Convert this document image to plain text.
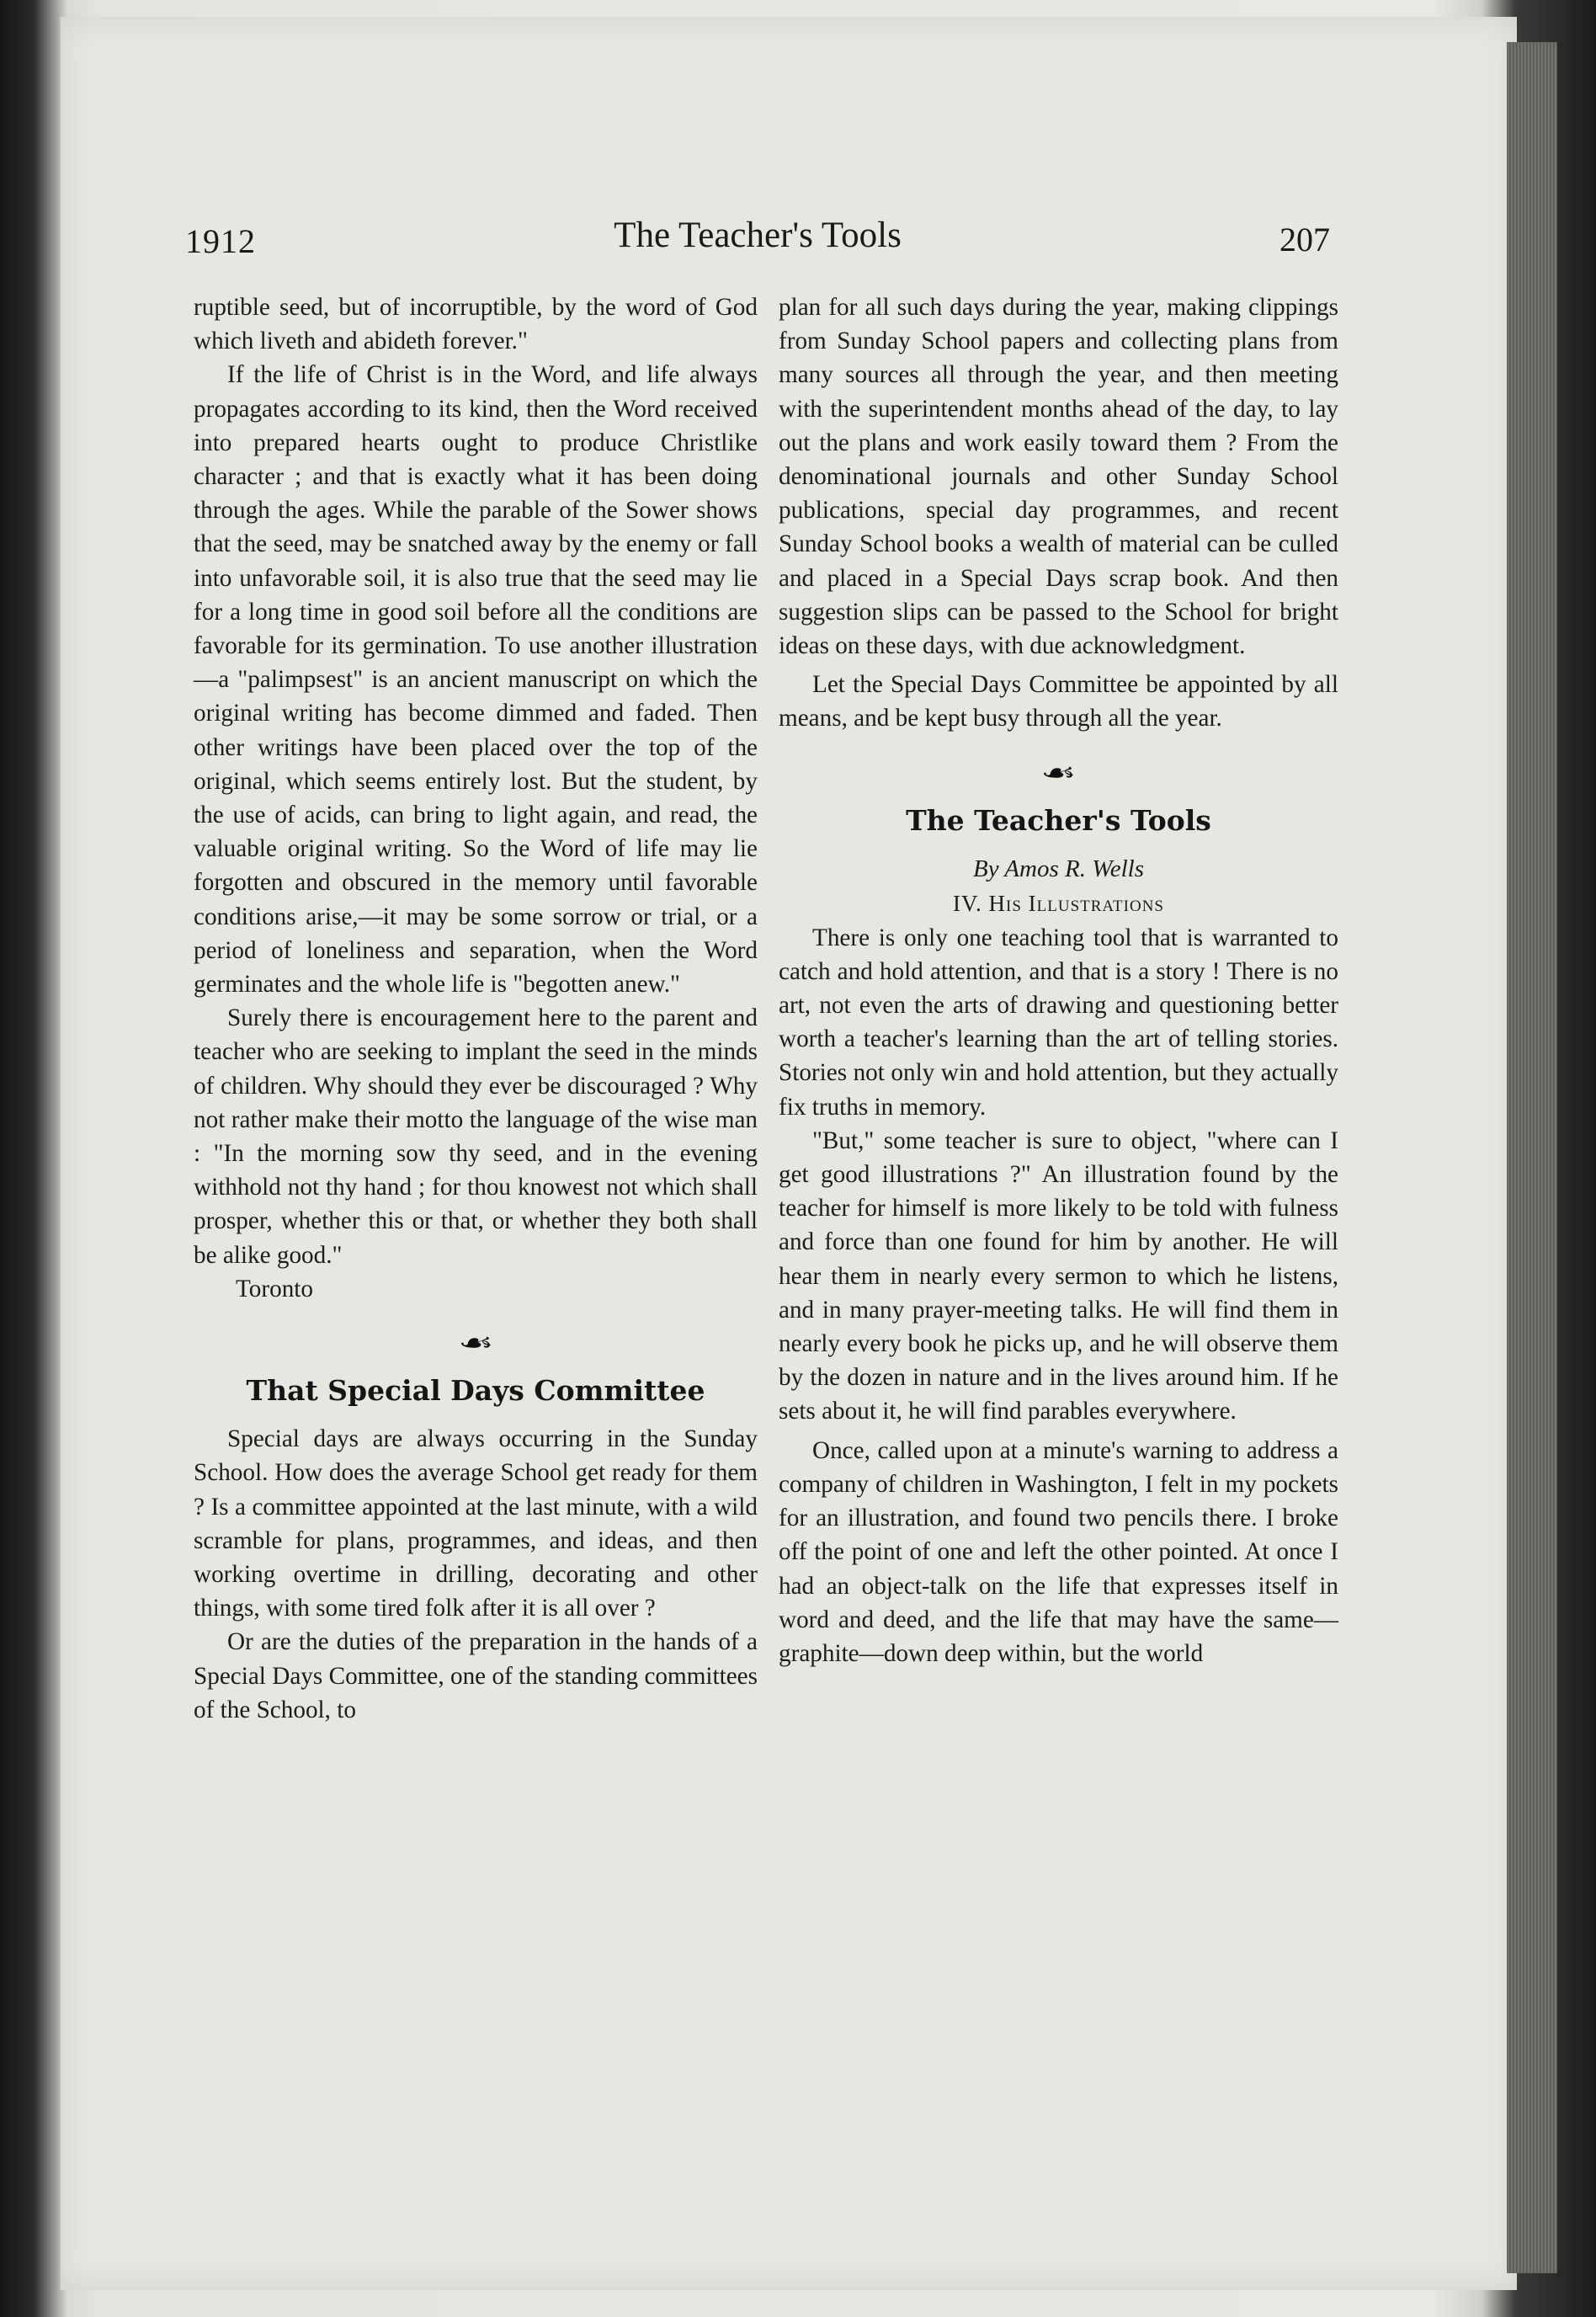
1912	The Teacher's Tools	207

ruptible seed, but of incorruptible, by the word of God which liveth and abideth forever."

If the life of Christ is in the Word, and life always propagates according to its kind, then the Word received into prepared hearts ought to produce Christlike character ; and that is exactly what it has been doing through the ages. While the parable of the Sower shows that the seed, may be snatched away by the enemy or fall into unfavorable soil, it is also true that the seed may lie for a long time in good soil before all the conditions are favorable for its germination. To use another illustration—a "palimpsest" is an ancient manuscript on which the original writing has become dimmed and faded. Then other writings have been placed over the top of the original, which seems entirely lost. But the student, by the use of acids, can bring to light again, and read, the valuable original writing. So the Word of life may lie forgotten and obscured in the memory until favorable conditions arise,—it may be some sorrow or trial, or a period of loneliness and separation, when the Word germinates and the whole life is "begotten anew."

Surely there is encouragement here to the parent and teacher who are seeking to implant the seed in the minds of children. Why should they ever be discouraged ? Why not rather make their motto the language of the wise man : "In the morning sow thy seed, and in the evening withhold not thy hand ; for thou knowest not which shall prosper, whether this or that, or whether they both shall be alike good."

Toronto

☙
That Special Days Committee

Special days are always occurring in the Sunday School. How does the average School get ready for them ? Is a committee appointed at the last minute, with a wild scramble for plans, programmes, and ideas, and then working overtime in drilling, decorating and other things, with some tired folk after it is all over ?

Or are the duties of the preparation in the hands of a Special Days Committee, one of the standing committees of the School, to

plan for all such days during the year, making clippings from Sunday School papers and collecting plans from many sources all through the year, and then meeting with the superintendent months ahead of the day, to lay out the plans and work easily toward them ? From the denominational journals and other Sunday School publications, special day programmes, and recent Sunday School books a wealth of material can be culled and placed in a Special Days scrap book. And then suggestion slips can be passed to the School for bright ideas on these days, with due acknowledgment.

Let the Special Days Committee be appointed by all means, and be kept busy through all the year.

☙
The Teacher's Tools

By Amos R. Wells

IV. His Illustrations

There is only one teaching tool that is warranted to catch and hold attention, and that is a story ! There is no art, not even the arts of drawing and questioning better worth a teacher's learning than the art of telling stories. Stories not only win and hold attention, but they actually fix truths in memory.

"But," some teacher is sure to object, "where can I get good illustrations ?" An illustration found by the teacher for himself is more likely to be told with fulness and force than one found for him by another. He will hear them in nearly every sermon to which he listens, and in many prayer-meeting talks. He will find them in nearly every book he picks up, and he will observe them by the dozen in nature and in the lives around him. If he sets about it, he will find parables everywhere.

Once, called upon at a minute's warning to address a company of children in Washington, I felt in my pockets for an illustration, and found two pencils there. I broke off the point of one and left the other pointed. At once I had an object-talk on the life that expresses itself in word and deed, and the life that may have the same—graphite—down deep within, but the world
